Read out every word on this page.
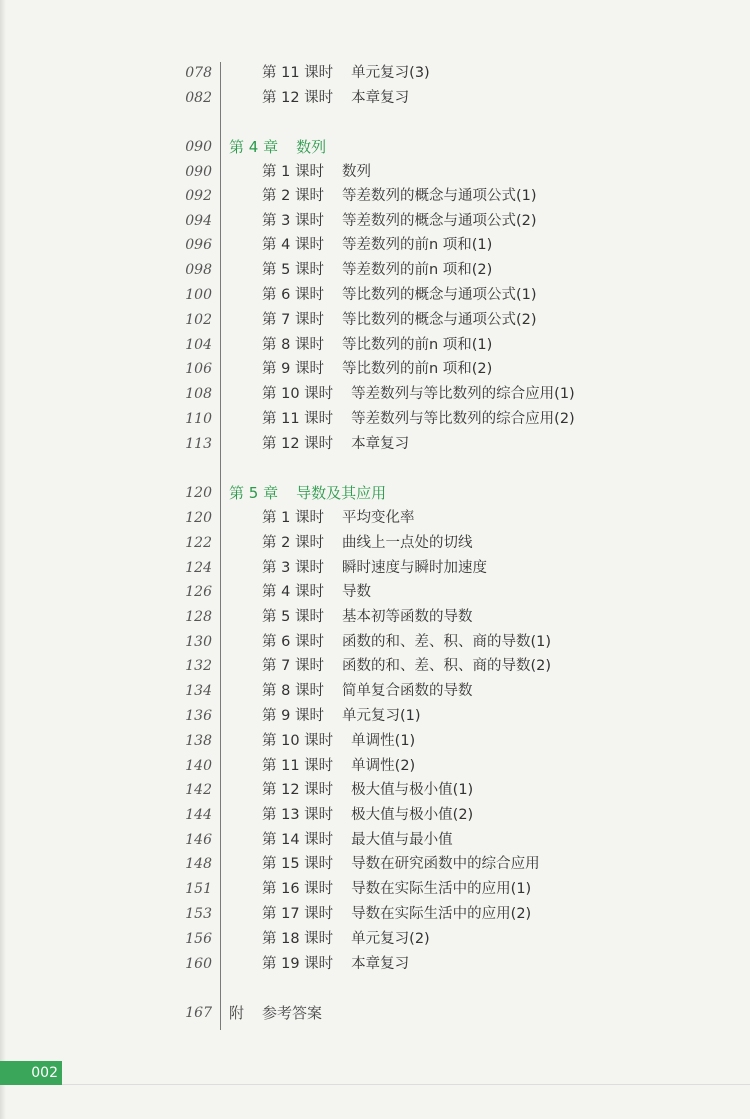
078	第 11 课时 单元复习(3)
082	第 12 课时 本章复习
090 第 4 章 数列
090	第 1 课时 数列
092	第 2 课时 等差数列的概念与通项公式(1)
094	第 3 课时 等差数列的概念与通项公式(2)
096	第 4 课时 等差数列的前n 项和(1)
098	第 5 课时 等差数列的前n 项和(2)
100	第 6 课时 等比数列的概念与通项公式(1)
102	第 7 课时 等比数列的概念与通项公式(2)
104	第 8 课时 等比数列的前n 项和(1)
106	第 9 课时 等比数列的前n 项和(2)
108	第 10 课时 等差数列与等比数列的综合应用(1)
110	第 11 课时 等差数列与等比数列的综合应用(2)
113	第 12 课时 本章复习
120 第 5 章 导数及其应用
120	第 1 课时 平均变化率
122	第 2 课时 曲线上一点处的切线
124	第 3 课时 瞬时速度与瞬时加速度
126	第 4 课时 导数
128	第 5 课时 基本初等函数的导数
130	第 6 课时 函数的和、差、积、商的导数(1)
132	第 7 课时 函数的和、差、积、商的导数(2)
134	第 8 课时 简单复合函数的导数
136	第 9 课时 单元复习(1)
138	第 10 课时 单调性(1)
140	第 11 课时 单调性(2)
142	第 12 课时 极大值与极小值(1)
144	第 13 课时 极大值与极小值(2)
146	第 14 课时 最大值与最小值
148	第 15 课时 导数在研究函数中的综合应用
151	第 16 课时 导数在实际生活中的应用(1)
153	第 17 课时 导数在实际生活中的应用(2)
156	第 18 课时 单元复习(2)
160	第 19 课时 本章复习
167 附 参考答案
002
